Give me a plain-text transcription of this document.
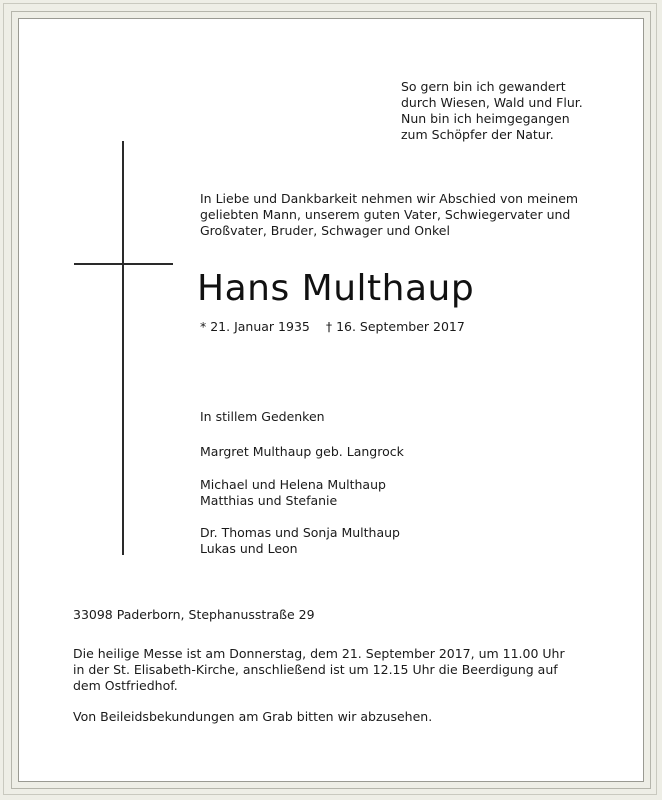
So gern bin ich gewandert
durch Wiesen, Wald und Flur.
Nun bin ich heimgegangen
zum Schöpfer der Natur.
In Liebe und Dankbarkeit nehmen wir Abschied von meinem
geliebten Mann, unserem guten Vater, Schwiegervater und
Großvater, Bruder, Schwager und Onkel
Hans Multhaup
* 21. Januar 1935 † 16. September 2017
In stillem Gedenken
Margret Multhaup geb. Langrock
Michael und Helena Multhaup
Matthias und Stefanie
Dr. Thomas und Sonja Multhaup
Lukas und Leon
33098 Paderborn, Stephanusstraße 29
Die heilige Messe ist am Donnerstag, dem 21. September 2017, um 11.00 Uhr
in der St. Elisabeth-Kirche, anschließend ist um 12.15 Uhr die Beerdigung auf
dem Ostfriedhof.
Von Beileidsbekundungen am Grab bitten wir abzusehen.
